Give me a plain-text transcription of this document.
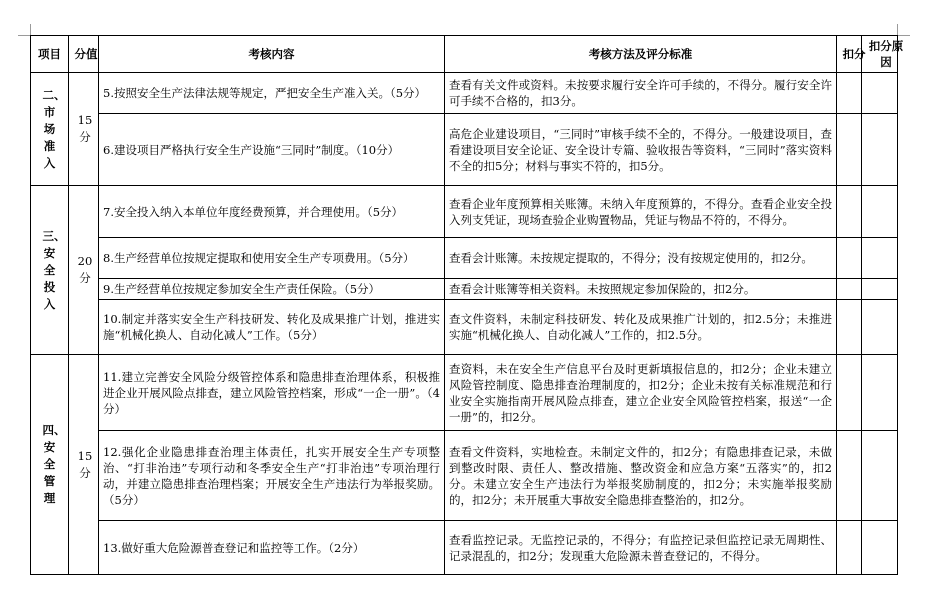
项目	分值	考核内容	考核方法及评分标准	扣分	扣分原因

二、市场准入	15分	5.按照安全生产法律法规等规定，严把安全生产准入关。（5分）	查看有关文件或资料。未按要求履行安全许可手续的，不得分。履行安全许可手续不合格的，扣3分。		
		6.建设项目严格执行安全生产设施“三同时”制度。（10分）	高危企业建设项目，“三同时”审核手续不全的，不得分。一般建设项目，查看建设项目安全论证、安全设计专篇、验收报告等资料，“三同时”落实资料不全的扣5分；材料与事实不符的，扣5分。		

三、安全投入	20分	7.安全投入纳入本单位年度经费预算，并合理使用。（5分）	查看企业年度预算相关账簿。未纳入年度预算的，不得分。查看企业安全投入列支凭证，现场查验企业购置物品，凭证与物品不符的，不得分。		
		8.生产经营单位按规定提取和使用安全生产专项费用。（5分）	查看会计账簿。未按规定提取的，不得分；没有按规定使用的，扣2分。		
		9.生产经营单位按规定参加安全生产责任保险。（5分）	查看会计账簿等相关资料。未按照规定参加保险的，扣2分。		
		10.制定并落实安全生产科技研发、转化及成果推广计划，推进实施“机械化换人、自动化减人”工作。（5分）	查文件资料，未制定科技研发、转化及成果推广计划的，扣2.5分；未推进实施“机械化换人、自动化减人”工作的，扣2.5分。		

四、安全管理	15分	11.建立完善安全风险分级管控体系和隐患排查治理体系，积极推进企业开展风险点排查，建立风险管控档案，形成“一企一册”。（4分）	查资料，未在安全生产信息平台及时更新填报信息的，扣2分；企业未建立风险管控制度、隐患排查治理制度的，扣2分；企业未按有关标准规范和行业安全实施指南开展风险点排查，建立企业安全风险管控档案，报送“一企一册”的，扣2分。		
		12.强化企业隐患排查治理主体责任，扎实开展安全生产专项整治、“打非治违”专项行动和冬季安全生产“打非治违”专项治理行动，并建立隐患排查治理档案；开展安全生产违法行为举报奖励。（5分）	查看文件资料，实地检查。未制定文件的，扣2分；有隐患排查记录，未做到整改时限、责任人、整改措施、整改资金和应急方案“五落实”的，扣2分。未建立安全生产违法行为举报奖励制度的，扣2分；未实施举报奖励的，扣2分；未开展重大事故安全隐患排查整治的，扣2分。		
		13.做好重大危险源普查登记和监控等工作。（2分）	查看监控记录。无监控记录的，不得分；有监控记录但监控记录无周期性、记录混乱的，扣2分；发现重大危险源未普查登记的，不得分。		
